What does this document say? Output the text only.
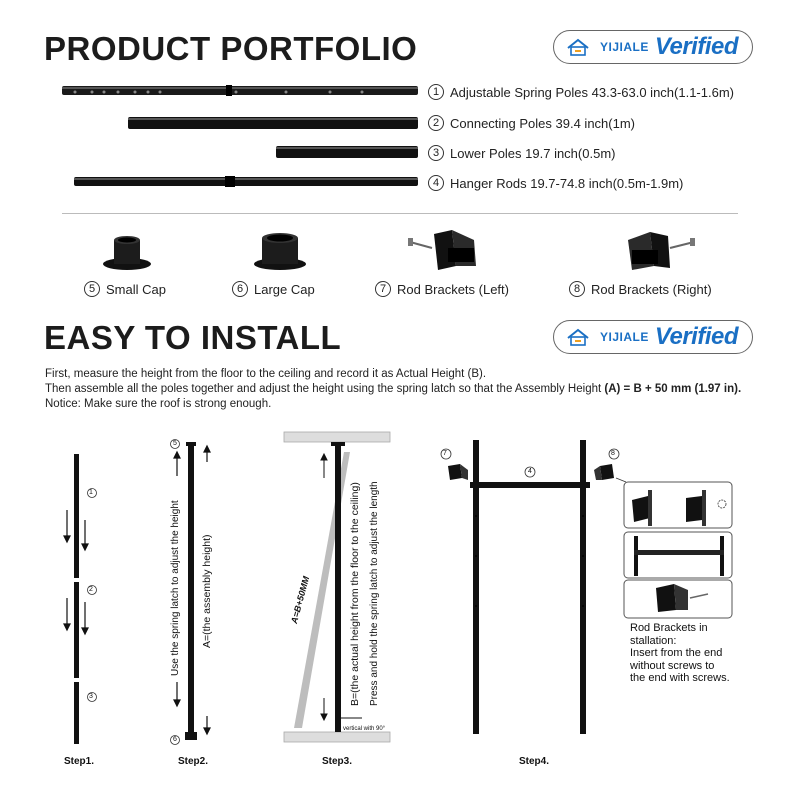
PRODUCT PORTFOLIO	YIJIALE Verified
1 Adjustable Spring Poles 43.3-63.0 inch(1.1-1.6m)
2 Connecting Poles 39.4 inch(1m)
3 Lower Poles 19.7 inch(0.5m)
4 Hanger Rods 19.7-74.8 inch(0.5m-1.9m)
5 Small Cap	6 Large Cap	7 Rod Brackets (Left)	8 Rod Brackets (Right)
EASY TO INSTALL	YIJIALE Verified
First, measure the height from the floor to the ceiling and record it as Actual Height (B).
Then assemble all the poles together and adjust the height using the spring latch so that the Assembly Height (A) = B + 50 mm (1.97 in).
Notice: Make sure the roof is strong enough.
1
2
3
Step1.
5
6
Use the spring latch to adjust the height A=(the assembly height)
Step2.
A=B+50MM	B=(the actual height from the floor to the ceiling) Press and hold the spring latch to adjust the length
vertical with 90°
Step3.
7
4
8
Step4.
Rod Brackets in
stallation:
Insert from the end
without screws to
the end with screws.
